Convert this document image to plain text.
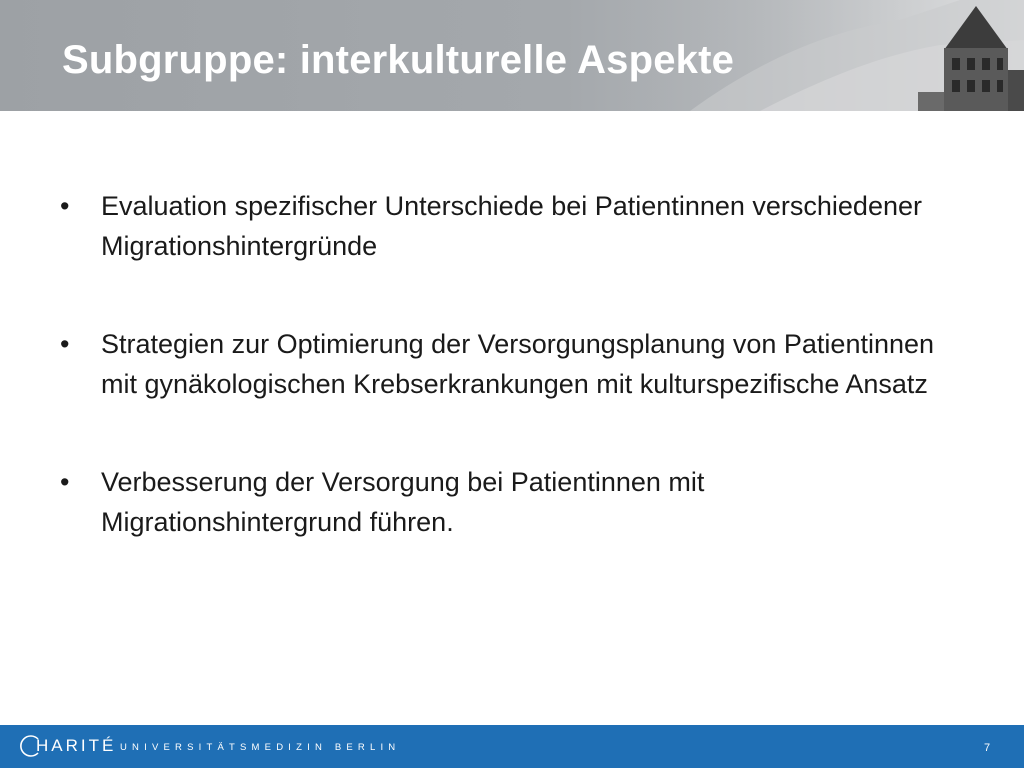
Subgruppe: interkulturelle Aspekte
•	Evaluation spezifischer Unterschiede bei Patientinnen verschiedener Migrationshintergründe
•	Strategien zur Optimierung der Versorgungsplanung von Patientinnen mit gynäkologischen Krebserkrankungen mit kulturspezifische Ansatz
•	Verbesserung der Versorgung bei Patientinnen mit Migrationshintergrund führen.
HARITÉ UNIVERSITÄTSMEDIZIN BERLIN	7
